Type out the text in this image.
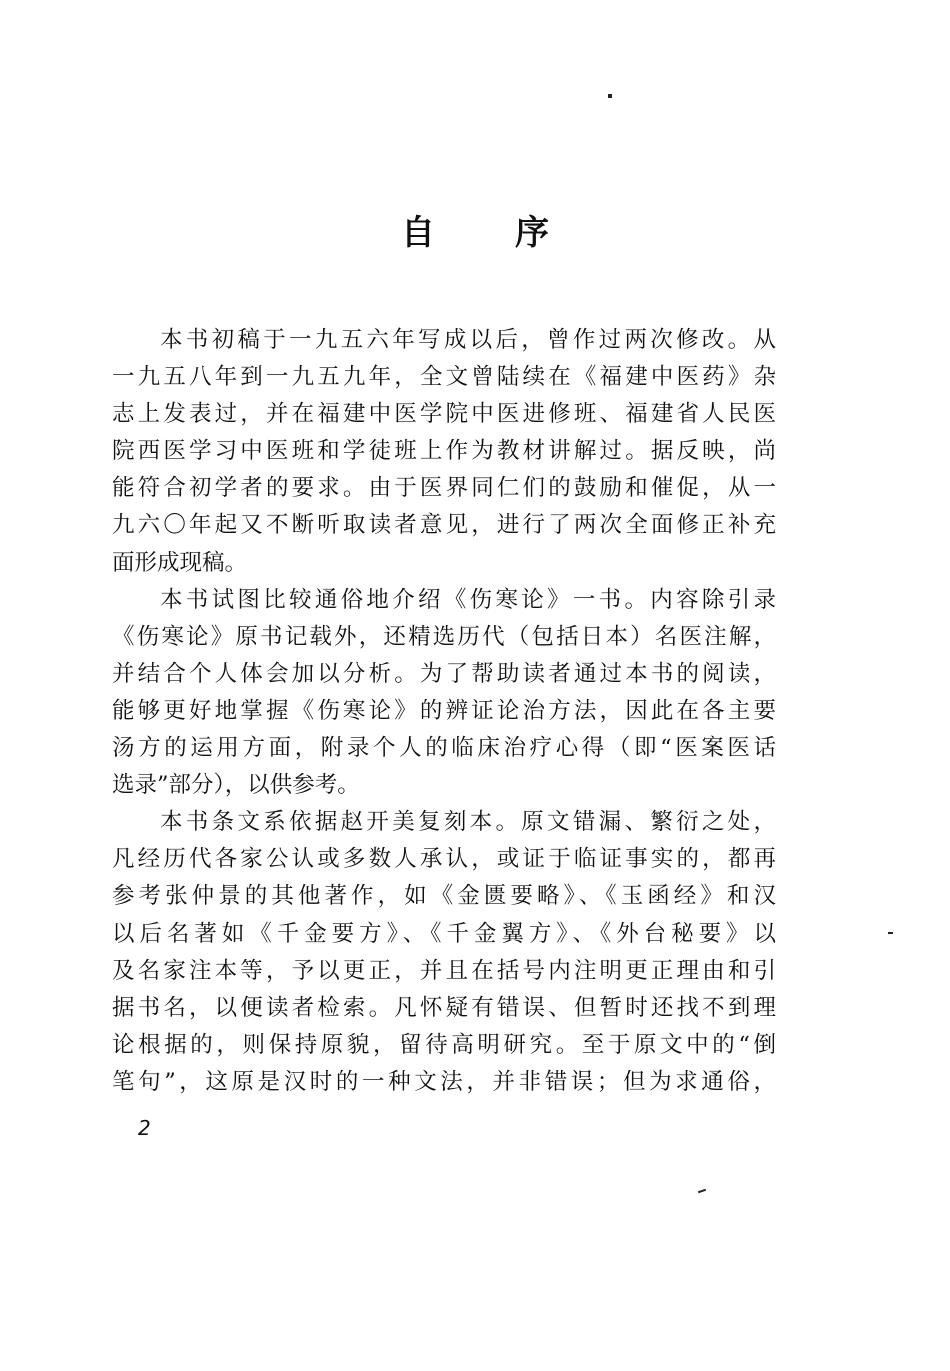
自 序
本书初稿于一九五六年写成以后，曾作过两次修改。从
一九五八年到一九五九年，全文曾陆续在《福建中医药》杂
志上发表过，并在福建中医学院中医进修班、福建省人民医
院西医学习中医班和学徒班上作为教材讲解过。据反映，尚
能符合初学者的要求。由于医界同仁们的鼓励和催促，从一
九六〇年起又不断听取读者意见，进行了两次全面修正补充
面形成现稿。
本书试图比较通俗地介绍《伤寒论》一书。内容除引录
《伤寒论》原书记载外，还精选历代（包括日本）名医注解，
并结合个人体会加以分析。为了帮助读者通过本书的阅读，
能够更好地掌握《伤寒论》的辨证论治方法，因此在各主要
汤方的运用方面，附录个人的临床治疗心得（即“医案医话
选录”部分），以供参考。
本书条文系依据赵开美复刻本。原文错漏、繁衍之处，
凡经历代各家公认或多数人承认，或证于临证事实的，都再
参考张仲景的其他著作，如《金匮要略》、《玉函经》和汉
以后名著如《千金要方》、《千金翼方》、《外台秘要》以
及名家注本等，予以更正，并且在括号内注明更正理由和引
据书名，以便读者检索。凡怀疑有错误、但暂时还找不到理
论根据的，则保持原貌，留待高明研究。至于原文中的“倒
笔句”，这原是汉时的一种文法，并非错误；但为求通俗，

2
